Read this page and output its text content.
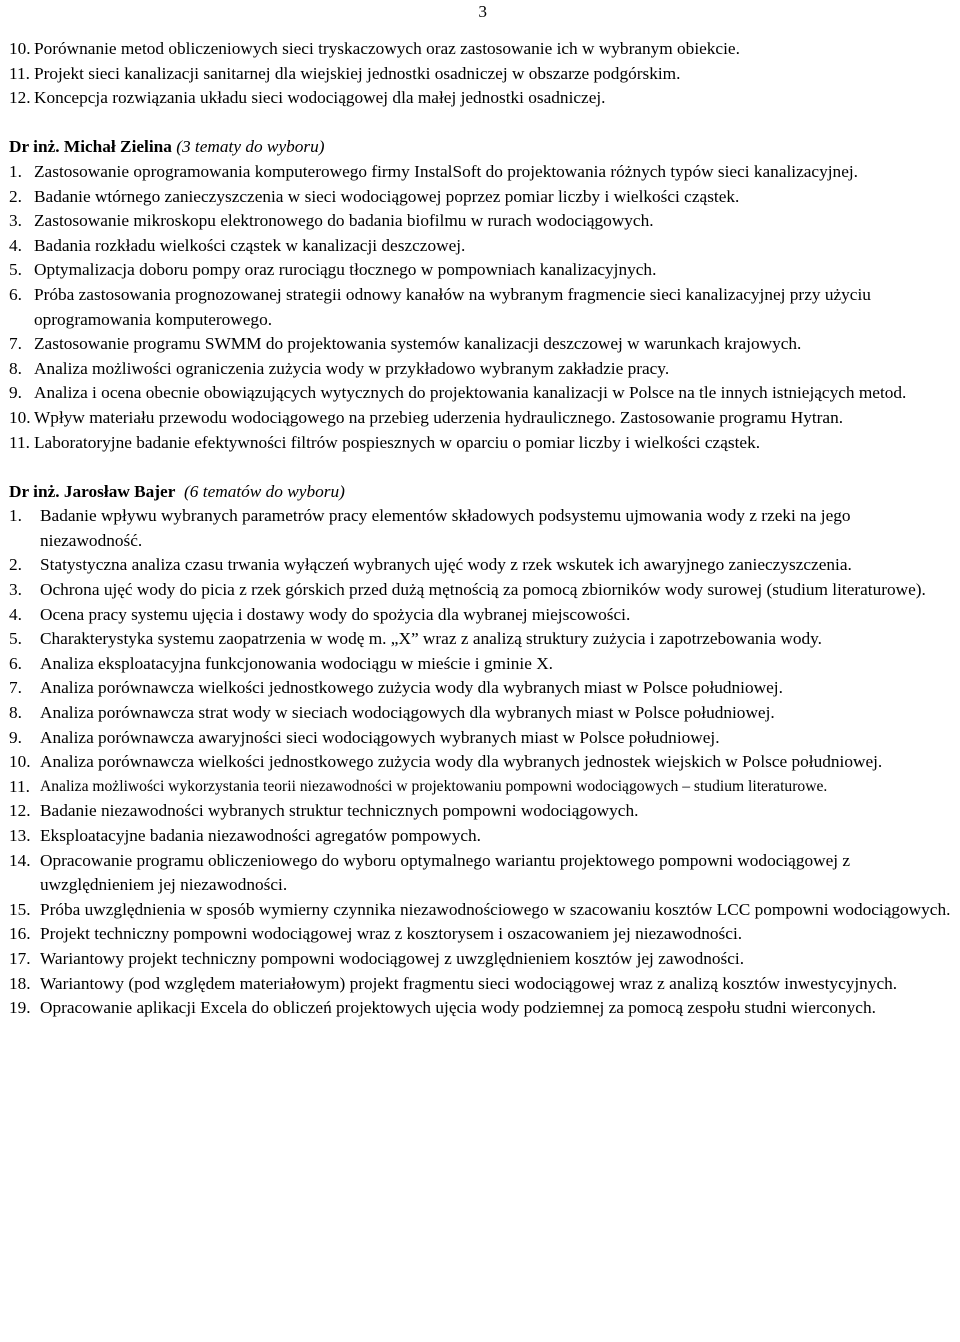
3
10. Porównanie metod obliczeniowych sieci tryskaczowych oraz zastosowanie ich w wybranym obiekcie.
11. Projekt sieci kanalizacji sanitarnej dla wiejskiej jednostki osadniczej w obszarze podgórskim.
12. Koncepcja rozwiązania układu sieci wodociągowej dla małej jednostki osadniczej.
Dr inż. Michał Zielina (3 tematy do wyboru)
1. Zastosowanie oprogramowania komputerowego firmy InstalSoft do projektowania różnych typów sieci kanalizacyjnej.
2. Badanie wtórnego zanieczyszczenia w sieci wodociągowej poprzez pomiar liczby i wielkości cząstek.
3. Zastosowanie mikroskopu elektronowego do badania biofilmu w rurach wodociągowych.
4. Badania rozkładu wielkości cząstek w kanalizacji deszczowej.
5. Optymalizacja doboru pompy oraz rurociągu tłocznego w pompowniach kanalizacyjnych.
6. Próba zastosowania prognozowanej strategii odnowy kanałów na wybranym fragmencie sieci kanalizacyjnej przy użyciu oprogramowania komputerowego.
7. Zastosowanie programu SWMM do projektowania systemów kanalizacji deszczowej w warunkach krajowych.
8. Analiza możliwości ograniczenia zużycia wody w przykładowo wybranym zakładzie pracy.
9. Analiza i ocena obecnie obowiązujących wytycznych do projektowania kanalizacji w Polsce na tle innych istniejących metod.
10. Wpływ materiału przewodu wodociągowego na przebieg uderzenia hydraulicznego. Zastosowanie programu Hytran.
11. Laboratoryjne badanie efektywności filtrów pospiesznych w oparciu o pomiar liczby i wielkości cząstek.
Dr inż. Jarosław Bajer (6 tematów do wyboru)
1.	Badanie wpływu wybranych parametrów pracy elementów składowych podsystemu ujmowania wody z rzeki na jego niezawodność.
2.	Statystyczna analiza czasu trwania wyłączeń wybranych ujęć wody z rzek wskutek ich awaryjnego zanieczyszczenia.
3.	Ochrona ujęć wody do picia z rzek górskich przed dużą mętnością za pomocą zbiorników wody surowej (studium literaturowe).
4.	Ocena pracy systemu ujęcia i dostawy wody do spożycia dla wybranej miejscowości.
5.	Charakterystyka systemu zaopatrzenia w wodę m. „X” wraz z analizą struktury zużycia i zapotrzebowania wody.
6.	Analiza eksploatacyjna funkcjonowania wodociągu w mieście i gminie X.
7.	Analiza porównawcza wielkości jednostkowego zużycia wody dla wybranych miast w Polsce południowej.
8.	Analiza porównawcza strat wody w sieciach wodociągowych dla wybranych miast w Polsce południowej.
9.	Analiza porównawcza awaryjności sieci wodociągowych wybranych miast w Polsce południowej.
10. Analiza porównawcza wielkości jednostkowego zużycia wody dla wybranych jednostek wiejskich w Polsce południowej.
11. Analiza możliwości wykorzystania teorii niezawodności w projektowaniu pompowni wodociągowych – studium literaturowe.
12. Badanie niezawodności wybranych struktur technicznych pompowni wodociągowych.
13. Eksploatacyjne badania niezawodności agregatów pompowych.
14. Opracowanie programu obliczeniowego do wyboru optymalnego wariantu projektowego pompowni wodociągowej z uwzględnieniem jej niezawodności.
15. Próba uwzględnienia w sposób wymierny czynnika niezawodnościowego w szacowaniu kosztów LCC pompowni wodociągowych.
16. Projekt techniczny pompowni wodociągowej wraz z kosztorysem i oszacowaniem jej niezawodności.
17. Wariantowy projekt techniczny pompowni wodociągowej z uwzględnieniem kosztów jej zawodności.
18. Wariantowy (pod względem materiałowym) projekt fragmentu sieci wodociągowej wraz z analizą kosztów inwestycyjnych.
19. Opracowanie aplikacji Excela do obliczeń projektowych ujęcia wody podziemnej za pomocą zespołu studni wierconych.
